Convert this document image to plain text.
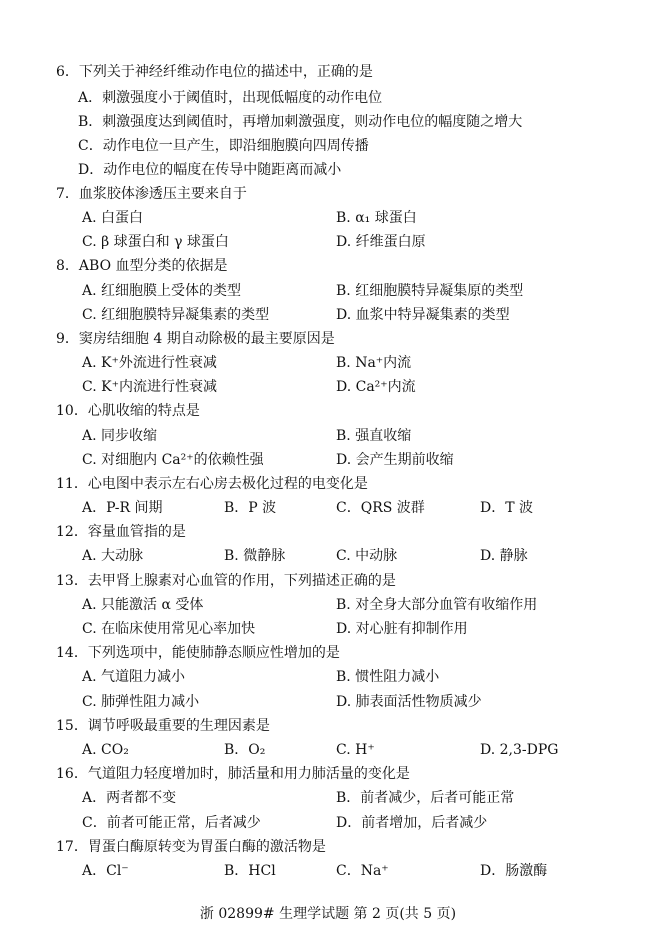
6．下列关于神经纤维动作电位的描述中，正确的是
A．刺激强度小于阈值时，出现低幅度的动作电位
B．刺激强度达到阈值时，再增加刺激强度，则动作电位的幅度随之增大
C．动作电位一旦产生，即沿细胞膜向四周传播
D．动作电位的幅度在传导中随距离而减小
7．血浆胶体渗透压主要来自于
A. 白蛋白	B. α₁ 球蛋白
C. β 球蛋白和 γ 球蛋白	D. 纤维蛋白原
8．ABO 血型分类的依据是
A. 红细胞膜上受体的类型	B. 红细胞膜特异凝集原的类型
C. 红细胞膜特异凝集素的类型	D. 血浆中特异凝集素的类型
9．窦房结细胞 4 期自动除极的最主要原因是
A. K⁺外流进行性衰减	B. Na⁺内流
C. K⁺内流进行性衰减	D. Ca²⁺内流
10．心肌收缩的特点是
A. 同步收缩	B. 强直收缩
C. 对细胞内 Ca²⁺的依赖性强	D. 会产生期前收缩
11．心电图中表示左右心房去极化过程的电变化是
A．P-R 间期	B．P 波	C．QRS 波群	D．T 波
12．容量血管指的是
A. 大动脉	B. 微静脉	C. 中动脉	D. 静脉
13．去甲肾上腺素对心血管的作用，下列描述正确的是
A. 只能激活 α 受体	B. 对全身大部分血管有收缩作用
C. 在临床使用常见心率加快	D. 对心脏有抑制作用
14．下列选项中，能使肺静态顺应性增加的是
A. 气道阻力减小	B. 惯性阻力减小
C. 肺弹性阻力减小	D. 肺表面活性物质减少
15．调节呼吸最重要的生理因素是
A. CO₂	B．O₂	C. H⁺	D. 2,3-DPG
16．气道阻力轻度增加时，肺活量和用力肺活量的变化是
A．两者都不变	B．前者减少，后者可能正常
C．前者可能正常，后者减少	D．前者增加，后者减少
17．胃蛋白酶原转变为胃蛋白酶的激活物是
A．Cl⁻	B．HCl	C．Na⁺	D．肠激酶
浙 02899# 生理学试题 第 2 页(共 5 页)
